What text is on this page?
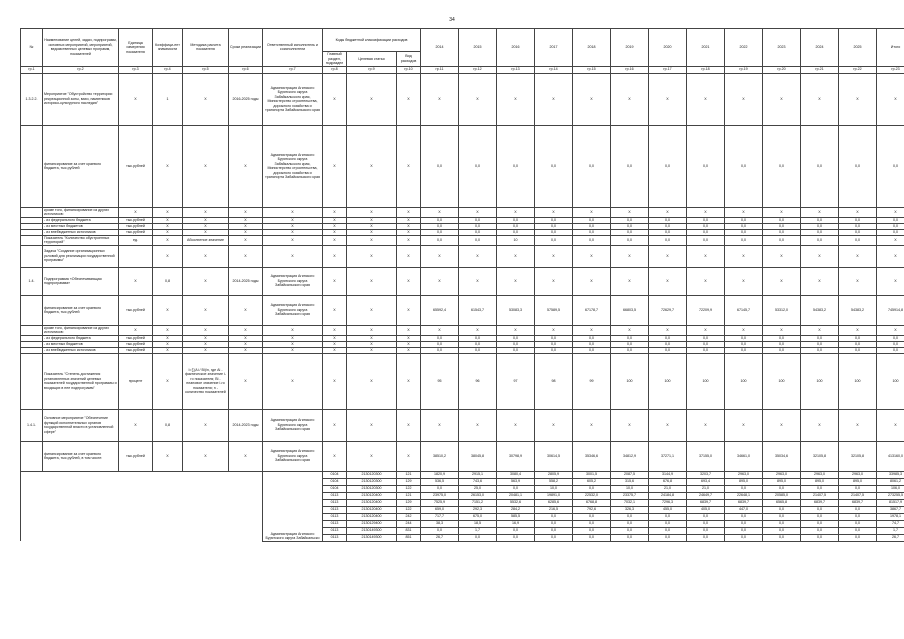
34
№	Наименование целей, задач, подпрограмм, основных мероприятий, мероприятий, ведомственных целевых программ, показателей	Единица измерения показателя	Коэффици-ент значимости	Методика расчета показателя	Сроки реализации	Ответственный исполнитель и соисполнители	Коды бюджетной классификации расходов			2014	2015	2016	2017	2018	2019	2020	2021	2022	2023	2024	2025	Итого
							Главный раздел, подраздел	Целевая статья	Вид расходов													
гр.1	гр.2	гр.3	гр.4	гр.5	гр.6	гр.7	гр.8	гр.9	гр.10	гр.11	гр.12	гр.13	гр.14	гр.15	гр.16	гр.17	гр.18	гр.19	гр.20	гр.21	гр.22	гр.23
1.3.2.2.	Мероприятие "Обустройство территории рекреационной зоны, вахи, памятников историко-культурного наследия"	X	1	X	2016-2025 годы	Администрация Агинского Бурятского округа Забайкальского края, Министерство строительства, дорожного хозяйства и транспорта Забайкальского края	X	X	X	X	X	X	X	X	X	X	X	X	X	X	X	X
	финансирование за счет краевого бюджета, тыс.рублей	тыс.рублей	X	X	X	Администрация Агинского Бурятского округа Забайкальского края, Министерство строительства, дорожного хозяйства и транспорта Забайкальского края	X	X	X	0,0	0,0	0,0	0,0	0,0	0,0	0,0	0,0	0,0	0,0	0,0	0,0	0,0
	кроме того, финансирование из других источников:	X	X	X	X	X	X	X	X	X	X	X	X	X	X	X	X	X	X	X	X	X
	- из федерального бюджета	тыс.рублей	X	X	X	X	X	X	X	0,0	0,0	0,0	0,0	0,0	0,0	0,0	0,0	0,0	0,0	0,0	0,0	0,0
	- из местных бюджетов	тыс.рублей	X	X	X	X	X	X	X	0,0	0,0	0,0	0,0	0,0	0,0	0,0	0,0	0,0	0,0	0,0	0,0	0,0
	- из внебюджетных источников	тыс.рублей	X	X	X	X	X	X	X	0,0	0,0	0,0	0,0	0,0	0,0	0,0	0,0	0,0	0,0	0,0	0,0	0,0
	Показатель "Количество обустроенных территорий"	ед.	X	Абсолютное значение	X	X	X	X	X	0,0	0,0	10	0,0	0,0	0,0	0,0	0,0	0,0	0,0	0,0	0,0	X
	Задача "Создание организационных условий для реализации государственной программы"		X	X	X	X	X	X	X	X	X	X	X	X	X	X	X	X	X	X	X	X
1.4.	Подпрограмма «Обеспечивающая подпрограмма»	X	0,8	X	2014-2025 годы	Администрация Агинского Бурятского округа Забайкальского края	X	X	X	X	X	X	X	X	X	X	X	X	X	X	X	X
	финансирование за счет краевого бюджета, тыс.рублей	тыс.рублей	X	X	X	Администрация Агинского Бурятского округа Забайкальского края	X	X	X	65592,4	61543,7	53083,3	57589,5	67178,7	66803,5	72629,7	72209,9	67145,7	53312,0	54383,2	54383,2	745914,8
	кроме того, финансирование из других источников:	X	X	X	X	X	X	X	X	X	X	X	X	X	X	X	X	X	X	X	X	X
	- из федерального бюджета	тыс.рублей	X	X	X	X	X	X	X	0,0	0,0	0,0	0,0	0,0	0,0	0,0	0,0	0,0	0,0	0,0	0,0	0,0
	- из местных бюджетов	тыс.рублей	X	X	X	X	X	X	X	0,0	0,0	0,0	0,0	0,0	0,0	0,0	0,0	0,0	0,0	0,0	0,0	0,0
	- из внебюджетных источников	тыс.рублей	X	X	X	X	X	X	X	0,0	0,0	0,0	0,0	0,0	0,0	0,0	0,0	0,0	0,0	0,0	0,0	0,0
	Показатель "Степень достижения установленных значений целевых показателей государственной программы и входящих в нее подпрограмм"	процент	X	I=∑(Ai / Bi)/n, где Ai - фактическое значение i-го показателя; Bi - плановое значение i-го показателя; n - количество показателей	X	X	X	X	X	95	96	97	98	99	100	100	100	100	100	100	100	100
1.4.1.	Основное мероприятие "Обеспечение функций исполнительных органов государственной власти в установленной сфере"	X	0,8	X	2014-2023 годы	Администрация Агинского Бурятского округа Забайкальского края	X	X	X	X	X	X	X	X	X	X	X	X	X	X	X	X
	финансирование за счет краевого бюджета, тыс.рублей, в том числе:	тыс.рублей	X	X	X	Администрация Агинского Бурятского округа Забайкальского края	X	X	X	38510,2	38045,8	30798,9	30614,5	35346,6	34812,9	37271,1	37155,0	34661,0	35034,6	32105,8	32105,8	413160,0
						Администрация Агинского Бурятского округа Забайкальско	0104	2130120300	121	1820,9	2915,1	3080,4	2805,9	3001,5	2087,5	3144,9	3203,7	2963,0	2963,0	2963,0	2963,0	33985,3
							0104	2130120300	129	536,5	743,6	563,9	558,2	605,2	315,6	676,8	693,4	895,0	895,0	895,0	895,0	8061,2
							0104	2130120300	122	0,0	25,0	0,0	10,0	0,0	10,0	21,0	21,0	0,0	0,0	0,0	0,0	106,0
							0113	2130120400	121	23975,0	26153,0	20481,1	19891,0	22532,0	23375,7	24184,8	24649,7	22648,1	20585,0	21407,5	21407,5	273255,5
							0113	2130120400	129	7525,9	7151,2	5532,6	6285,6	6768,8	7032,1	7296,3	6839,7	6839,7	6565,8	6839,7	6839,7	81517,9
							0113	2130120400	122	659,0	292,3	284,2	216,5	792,6	326,3	455,0	405,0	447,0	0,0	0,0	0,0	3867,7
							0113	2130120400	242	717,7	675,0	585,5	0,0	0,0	0,0	0,0	0,0	0,0	0,0	0,0	0,0	1978,1
							0113	2130129400	244	38,3	18,5	16,9	0,0	0,0	0,0	0,0	0,0	0,0	0,0	0,0	0,0	74,7
							0113	2130149300	831	0,0	1,7	0,0	0,0	0,0	0,0	0,0	0,0	0,0	0,0	0,0	0,0	1,7
							0113	2130149300	851	26,7	0,0	0,0	0,0	0,0	0,0	0,0	0,0	0,0	0,0	0,0	0,0	26,7
